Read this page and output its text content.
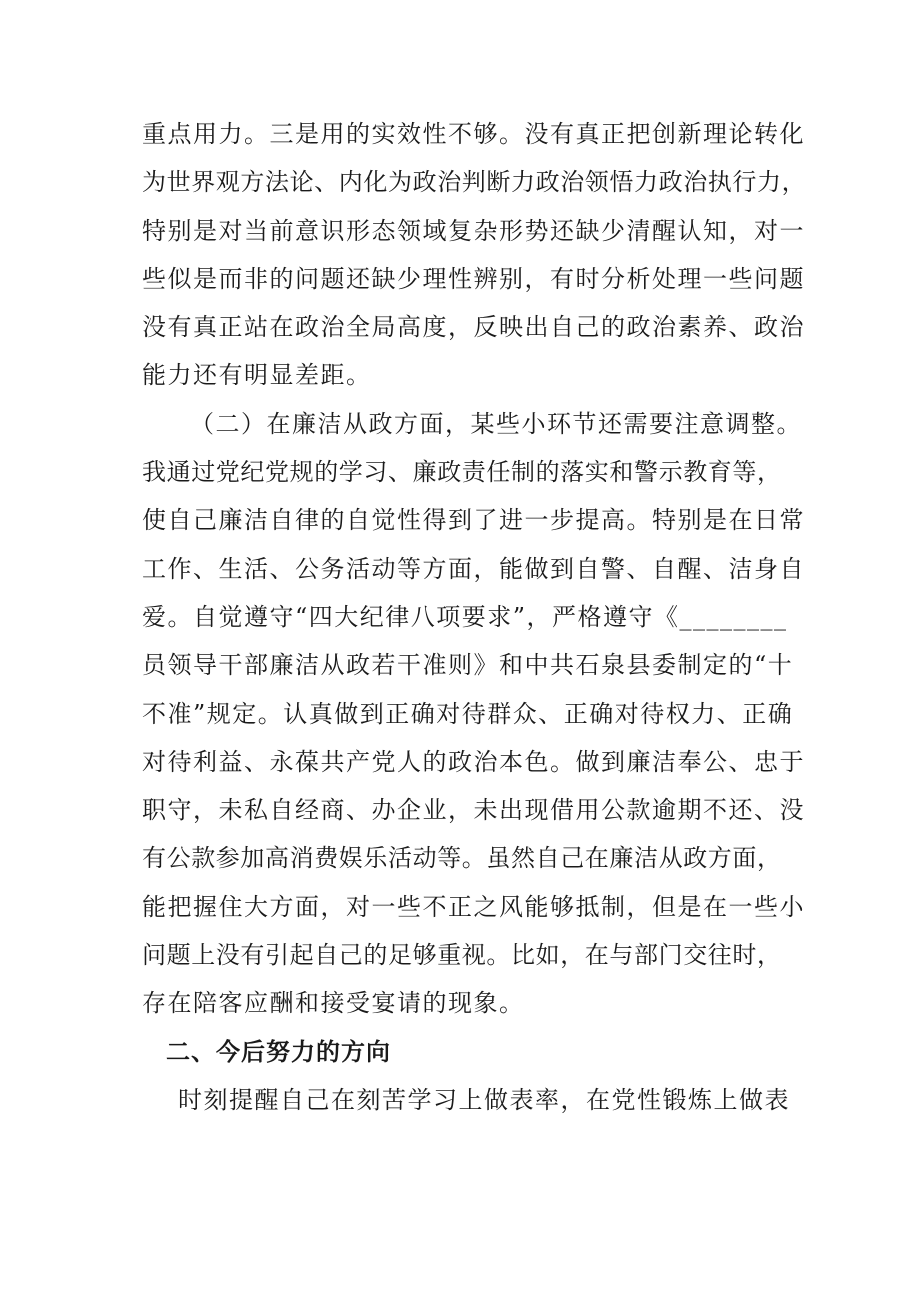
重点用力。三是用的实效性不够。没有真正把创新理论转化
为世界观方法论、内化为政治判断力政治领悟力政治执行力，
特别是对当前意识形态领域复杂形势还缺少清醒认知，对一
些似是而非的问题还缺少理性辨别，有时分析处理一些问题
没有真正站在政治全局高度，反映出自己的政治素养、政治
能力还有明显差距。
（二）在廉洁从政方面，某些小环节还需要注意调整。
我通过党纪党规的学习、廉政责任制的落实和警示教育等，
使自己廉洁自律的自觉性得到了进一步提高。特别是在日常
工作、生活、公务活动等方面，能做到自警、自醒、洁身自
爱。自觉遵守“四大纪律八项要求”，严格遵守《________
员领导干部廉洁从政若干准则》和中共石泉县委制定的“十
不准”规定。认真做到正确对待群众、正确对待权力、正确
对待利益、永葆共产党人的政治本色。做到廉洁奉公、忠于
职守，未私自经商、办企业，未出现借用公款逾期不还、没
有公款参加高消费娱乐活动等。虽然自己在廉洁从政方面，
能把握住大方面，对一些不正之风能够抵制，但是在一些小
问题上没有引起自己的足够重视。比如，在与部门交往时，
存在陪客应酬和接受宴请的现象。
二、今后努力的方向
时刻提醒自己在刻苦学习上做表率，在党性锻炼上做表
